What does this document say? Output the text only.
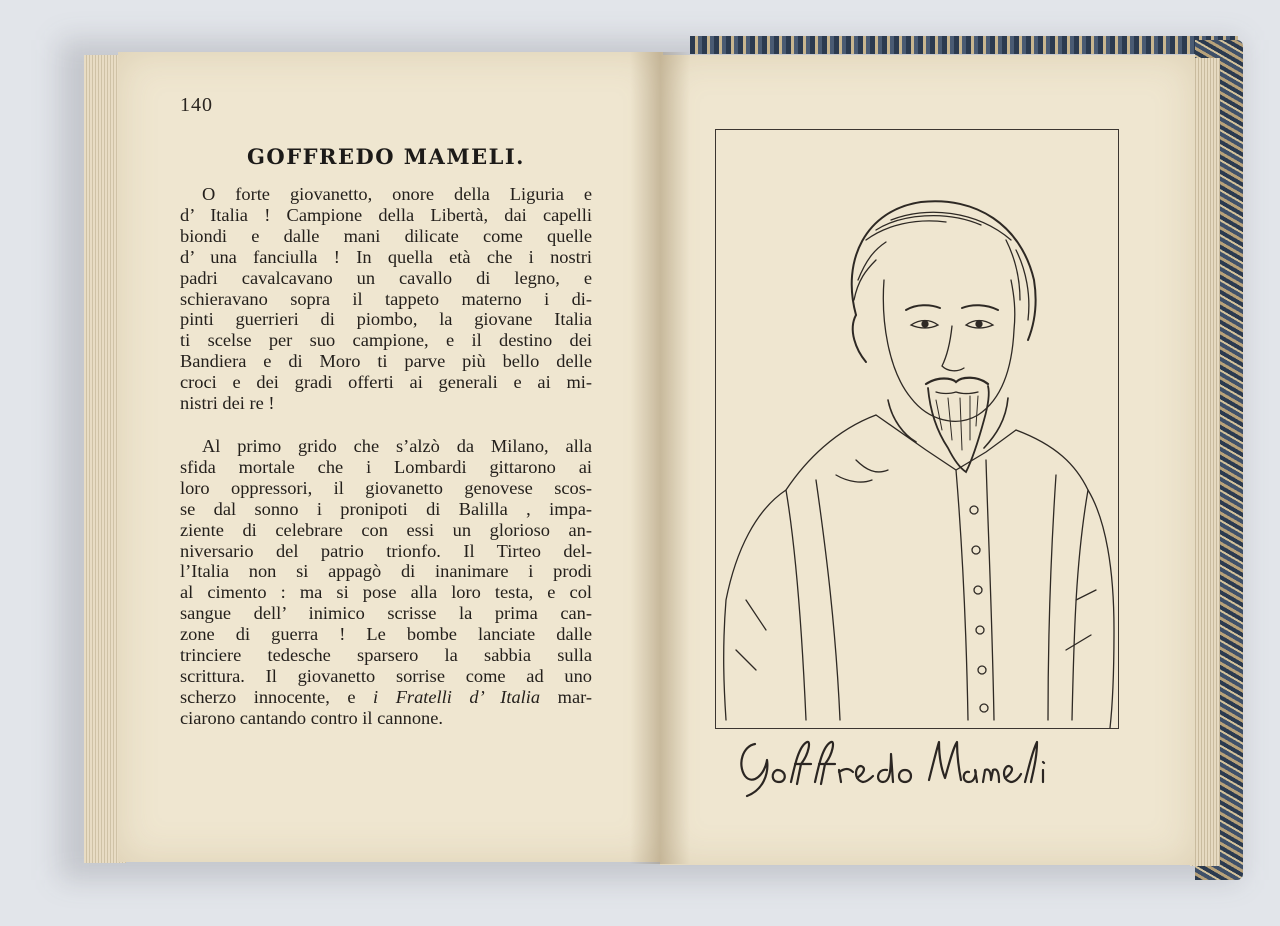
140
GOFFREDO MAMELI.
O forte giovanetto, onore della Liguria e
d’ Italia ! Campione della Libertà, dai capelli
biondi e dalle mani dilicate come quelle
d’ una fanciulla ! In quella età che i nostri
padri cavalcavano un cavallo di legno, e
schieravano sopra il tappeto materno i di-
pinti guerrieri di piombo, la giovane Italia
ti scelse per suo campione, e il destino dei
Bandiera e di Moro ti parve più bello delle
croci e dei gradi offerti ai generali e ai mi-
nistri dei re !
Al primo grido che s’alzò da Milano, alla
sfida mortale che i Lombardi gittarono ai
loro oppressori, il giovanetto genovese scos-
se dal sonno i pronipoti di Balilla , impa-
ziente di celebrare con essi un glorioso an-
niversario del patrio trionfo. Il Tirteo del-
l’Italia non si appagò di inanimare i prodi
al cimento : ma si pose alla loro testa, e col
sangue dell’ inimico scrisse la prima can-
zone di guerra ! Le bombe lanciate dalle
trinciere tedesche sparsero la sabbia sulla
scrittura. Il giovanetto sorrise come ad uno
scherzo innocente, e i Fratelli d’ Italia mar-
ciarono cantando contro il cannone.
